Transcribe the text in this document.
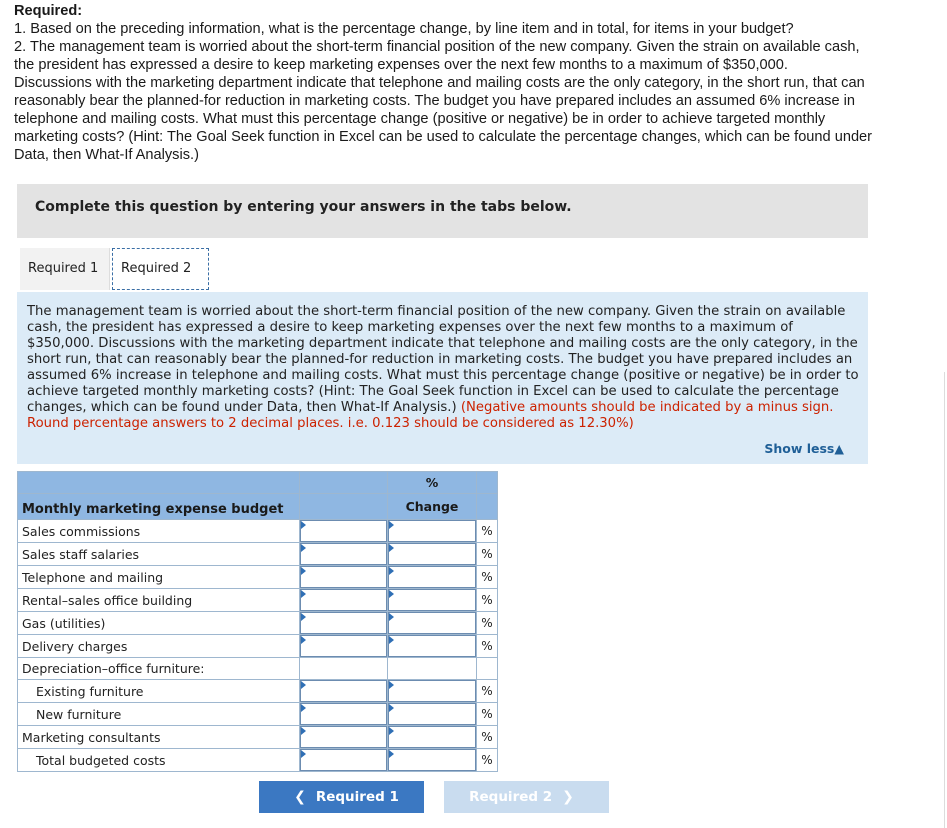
Required:

1. Based on the preceding information, what is the percentage change, by line item and in total, for items in your budget?

2. The management team is worried about the short-term financial position of the new company. Given the strain on available cash,

the president has expressed a desire to keep marketing expenses over the next few months to a maximum of $350,000.

Discussions with the marketing department indicate that telephone and mailing costs are the only category, in the short run, that can

reasonably bear the planned-for reduction in marketing costs. The budget you have prepared includes an assumed 6% increase in

telephone and mailing costs. What must this percentage change (positive or negative) be in order to achieve targeted monthly

marketing costs? (Hint: The Goal Seek function in Excel can be used to calculate the percentage changes, which can be found under

Data, then What-If Analysis.)

Complete this question by entering your answers in the tabs below.
Required 1	Required 2
The management team is worried about the short-term financial position of the new company. Given the strain on available cash, the president has expressed a desire to keep marketing expenses over the next few months to a maximum of $350,000. Discussions with the marketing department indicate that telephone and mailing costs are the only category, in the short run, that can reasonably bear the planned-for reduction in marketing costs. The budget you have prepared includes an assumed 6% increase in telephone and mailing costs. What must this percentage change (positive or negative) be in order to achieve targeted monthly marketing costs? (Hint: The Goal Seek function in Excel can be used to calculate the percentage changes, which can be found under Data, then What-If Analysis.) (Negative amounts should be indicated by a minus sign. Round percentage answers to 2 decimal places. i.e. 0.123 should be considered as 12.30%)
Show less▲
		%	
Monthly marketing expense budget		Change	
Sales commissions			%
Sales staff salaries			%
Telephone and mailing			%
Rental–sales office building			%
Gas (utilities)			%
Delivery charges			%
Depreciation–office furniture:			
Existing furniture			%
New furniture			%
Marketing consultants			%
Total budgeted costs			%
❮ Required 1	Required 2 ❯
